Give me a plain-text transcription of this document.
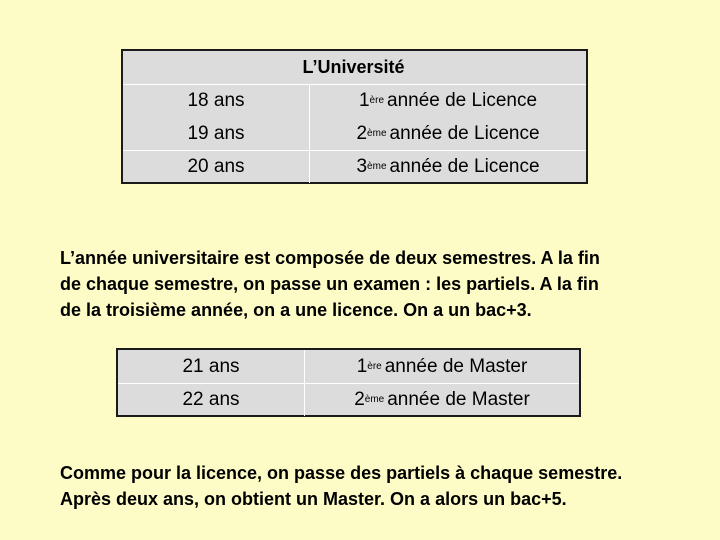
L’Université
18 ans	1 ère année de Licence
19 ans	2 ème année de Licence
20 ans	3 ème année de Licence
L’année universitaire est composée de deux semestres. A la fin
de chaque semestre, on passe un examen : les partiels. A la fin
de la troisième année, on a une licence. On a un bac+3.
21 ans	1 ère année de Master
22 ans	2 ème année de Master
Comme pour la licence, on passe des partiels à chaque semestre.
Après deux ans, on obtient un Master. On a alors un bac+5.
